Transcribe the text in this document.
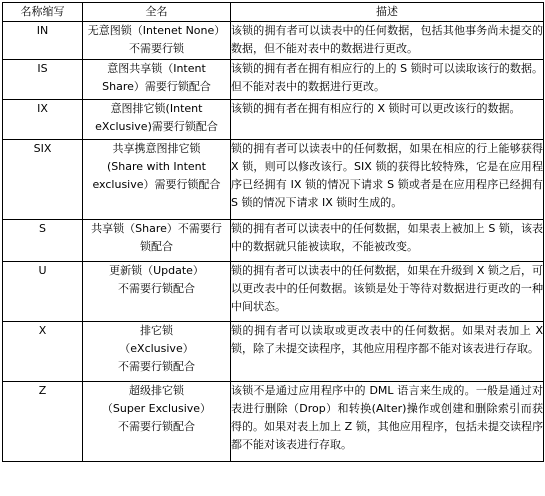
名称缩写	全名	描述
IN	无意图锁（Intenet None）
不需要行锁	该锁的拥有者可以读表中的任何数据，包括其他事务尚未提交的数据，但不能对表中的数据进行更改。
IS	意图共享锁（Intent
Share）需要行锁配合	该锁的拥有者在拥有相应行的上的 S 锁时可以读取该行的数据。但不能对表中的数据进行更改。
IX	意图排它锁(Intent
eXclusive)需要行锁配合	该锁的拥有者在拥有相应行的 X 锁时可以更改该行的数据。
SIX	共享携意图排它锁
(Share with Intent
exclusive）需要行锁配合	锁的拥有者可以读表中的任何数据，如果在相应的行上能够获得 X 锁，则可以修改该行。SIX 锁的获得比较特殊，它是在应用程序已经拥有 IX 锁的情况下请求 S 锁或者是在应用程序已经拥有 S 锁的情况下请求 IX 锁时生成的。
S	共享锁（Share）不需要行
锁配合	锁的拥有者可以读表中的任何数据，如果表上被加上 S 锁，该表中的数据就只能被读取，不能被改变。
U	更新锁（Update）
不需要行锁配合	锁的拥有者可以读表中的任何数据，如果在升级到 X 锁之后，可以更改表中的任何数据。该锁是处于等待对数据进行更改的一种中间状态。
X	排它锁
（eXclusive）
不需要行锁配合	锁的拥有者可以读取或更改表中的任何数据。如果对表加上 X 锁，除了未提交读程序，其他应用程序都不能对该表进行存取。
Z	超级排它锁
（Super Exclusive）
不需要行锁配合	该锁不是通过应用程序中的 DML 语言来生成的。一般是通过对表进行删除（Drop）和转换(Alter)操作或创建和删除索引而获得的。如果对表上加上 Z 锁，其他应用程序，包括未提交读程序都不能对该表进行存取。
